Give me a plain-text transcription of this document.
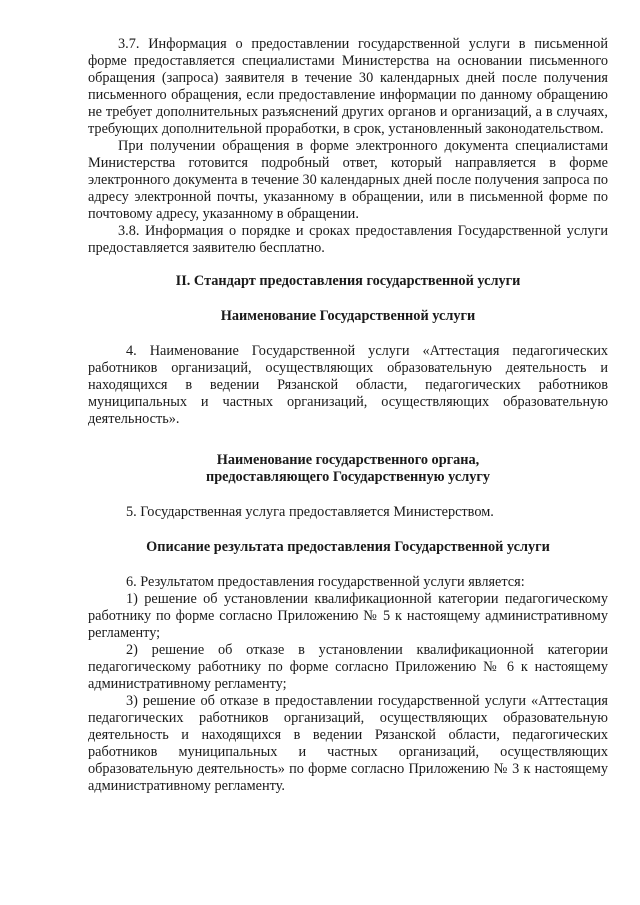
3.7. Информация о предоставлении государственной услуги в письменной форме предоставляется специалистами Министерства на основании письменного обращения (запроса) заявителя в течение 30 календарных дней после получения письменного обращения, если предоставление информации по данному обращению не требует дополнительных разъяснений других органов и организаций, а в случаях, требующих дополнительной проработки, в срок, установленный законодательством.

При получении обращения в форме электронного документа специалистами Министерства готовится подробный ответ, который направляется в форме электронного документа в течение 30 календарных дней после получения запроса по адресу электронной почты, указанному в обращении, или в письменной форме по почтовому адресу, указанному в обращении.

3.8. Информация о порядке и сроках предоставления Государственной услуги предоставляется заявителю бесплатно.

II. Стандарт предоставления государственной услуги

Наименование Государственной услуги

4. Наименование Государственной услуги «Аттестация педагогических работников организаций, осуществляющих образовательную деятельность и находящихся в ведении Рязанской области, педагогических работников муниципальных и частных организаций, осуществляющих образовательную деятельность».

Наименование государственного органа,

предоставляющего Государственную услугу

5. Государственная услуга предоставляется Министерством.

Описание результата предоставления Государственной услуги

6. Результатом предоставления государственной услуги является:

1) решение об установлении квалификационной категории педагогическому работнику по форме согласно Приложению № 5 к настоящему административному регламенту;

2) решение об отказе в установлении квалификационной категории педагогическому работнику по форме согласно Приложению № 6 к настоящему административному регламенту;

3) решение об отказе в предоставлении государственной услуги «Аттестация педагогических работников организаций, осуществляющих образовательную деятельность и находящихся в ведении Рязанской области, педагогических работников муниципальных и частных организаций, осуществляющих образовательную деятельность» по форме согласно Приложению № 3 к настоящему административному регламенту.
